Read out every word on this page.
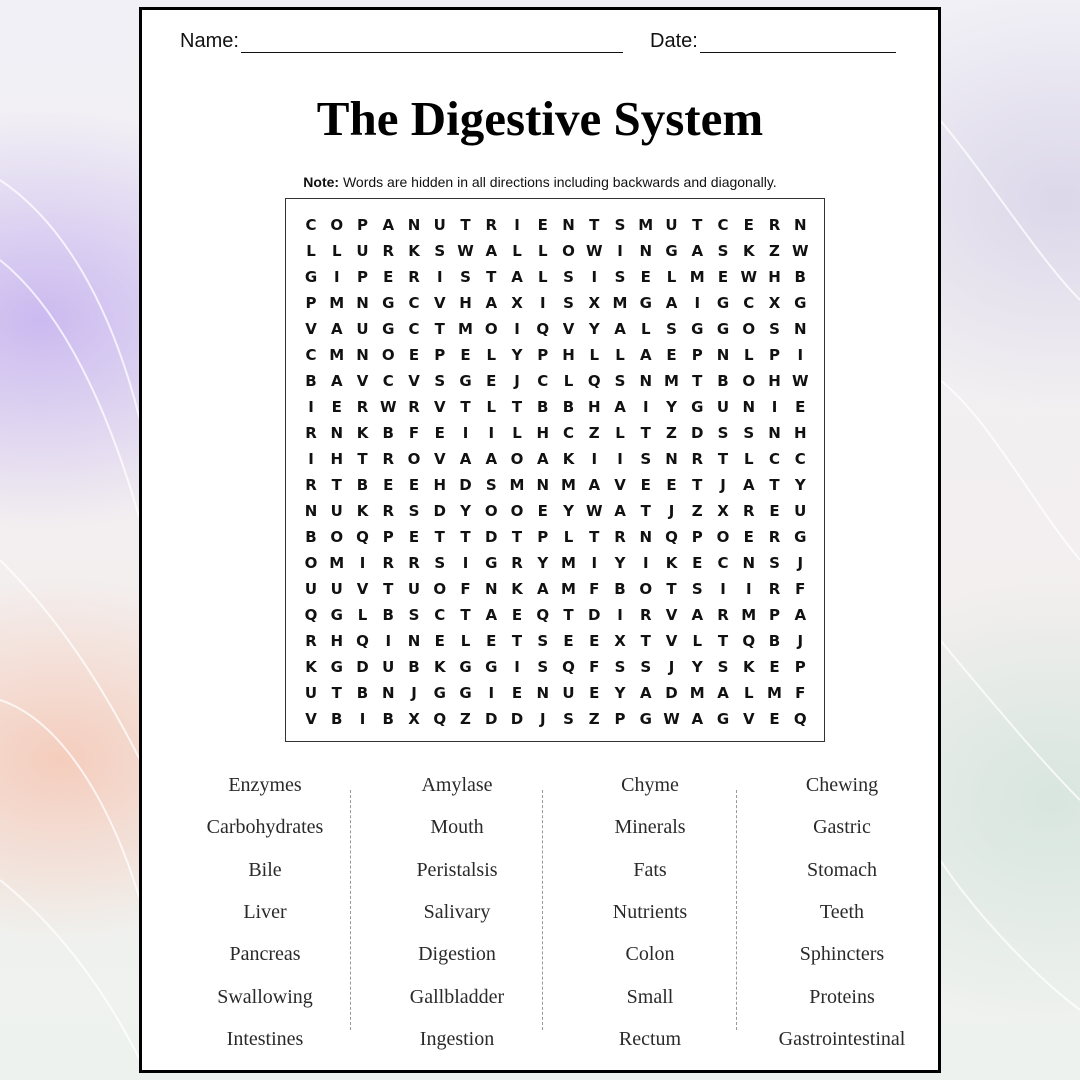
Name:	Date:
The Digestive System
Note: Words are hidden in all directions including backwards and diagonally.
C O P A N U T R	I	E N T	S M U T	C	E R N
L	L U R K S W A	L	L O W I	N G A S K Z W
G	I	P	E R	I	S	T A	L	S	I	S	E	L M E W H B
P M N G C V H A X	I	S X M G A	I	G C X G
V A U G C	T M O	I	Q V Y A	L	S G G O S N
C M N O E	P	E	L	Y P H L	L	A E	P N L	P	I
B A V C V S G E	J	C	L Q S N M T B O H W
I	E R W R V T	L	T B B H A	I	Y G U N	I	E
R N K B F	E	I	I	L H C Z	L	T	Z D S S N H
I	H T R O V A A O A K	I	I	S N R T	L	C C
R T B E	E H D S M N M A V E	E	T	J	A T	Y
N U K R S D Y O O E	Y W A T	J	Z X R E U
B O Q P	E	T	T D T	P	L	T R N Q P O E R G
O M	I	R R S	I	G R Y M	I	Y	I	K E	C N S	J
U U V T U O F N K A M F B O T	S	I	I	R F
Q G L	B S C	T A E Q T D	I	R V A R M P A
R H Q	I	N E	L	E	T	S	E	E X T V	L	T Q B	J
K G D U B K G G	I	S Q F	S S	J	Y S K E	P
U T B N	J	G G	I	E N U E	Y A D M A	L M F
V B	I	B X Q Z D D	J	S Z P G W A G V E Q
Enzymes
Carbohydrates
Bile
Liver
Pancreas
Swallowing
Intestines
Amylase
Mouth
Peristalsis
Salivary
Digestion
Gallbladder
Ingestion
Chyme
Minerals
Fats
Nutrients
Colon
Small
Rectum
Chewing
Gastric
Stomach
Teeth
Sphincters
Proteins
Gastrointestinal
